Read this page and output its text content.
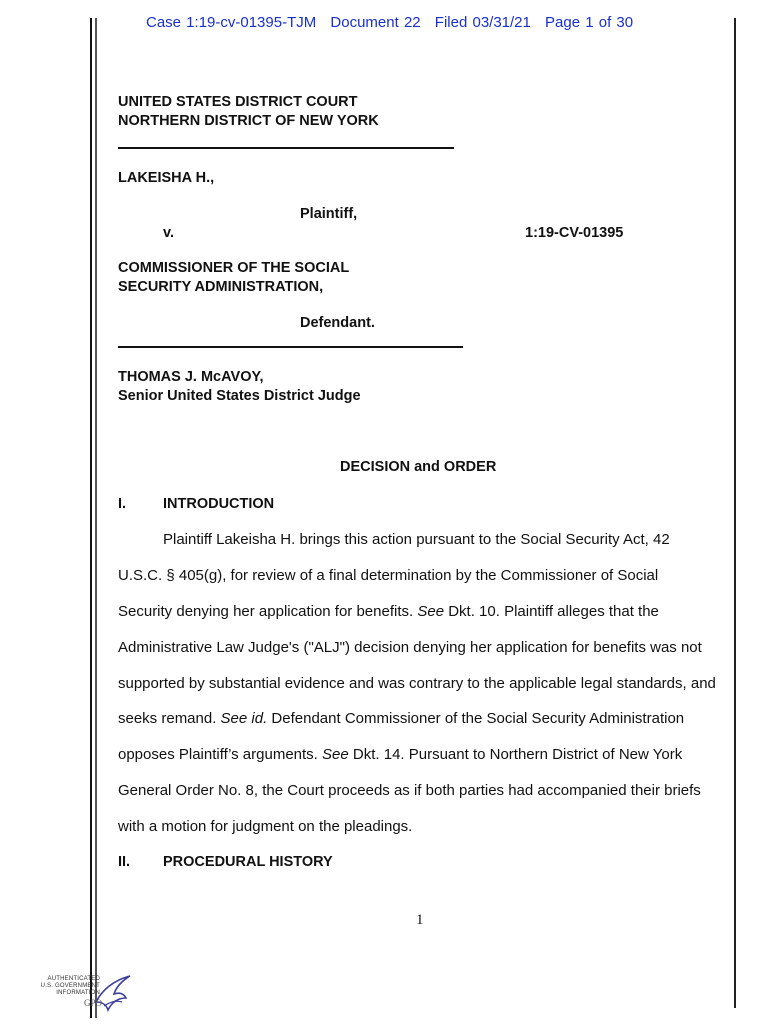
Case 1:19-cv-01395-TJM Document 22 Filed 03/31/21 Page 1 of 30
UNITED STATES DISTRICT COURT
NORTHERN DISTRICT OF NEW YORK
LAKEISHA H.,
Plaintiff,
v.	1:19-CV-01395
COMMISSIONER OF THE SOCIAL
SECURITY ADMINISTRATION,
Defendant.
THOMAS J. McAVOY,
Senior United States District Judge
DECISION and ORDER
I.	INTRODUCTION
Plaintiff Lakeisha H. brings this action pursuant to the Social Security Act, 42
U.S.C. § 405(g), for review of a final determination by the Commissioner of Social
Security denying her application for benefits. See Dkt. 10. Plaintiff alleges that the
Administrative Law Judge's ("ALJ") decision denying her application for benefits was not
supported by substantial evidence and was contrary to the applicable legal standards, and
seeks remand. See id. Defendant Commissioner of the Social Security Administration
opposes Plaintiff’s arguments. See Dkt. 14. Pursuant to Northern District of New York
General Order No. 8, the Court proceeds as if both parties had accompanied their briefs
with a motion for judgment on the pleadings.
II. PROCEDURAL HISTORY
1
AUTHENTICATED
U.S. GOVERNMENT
INFORMATION
GPO
